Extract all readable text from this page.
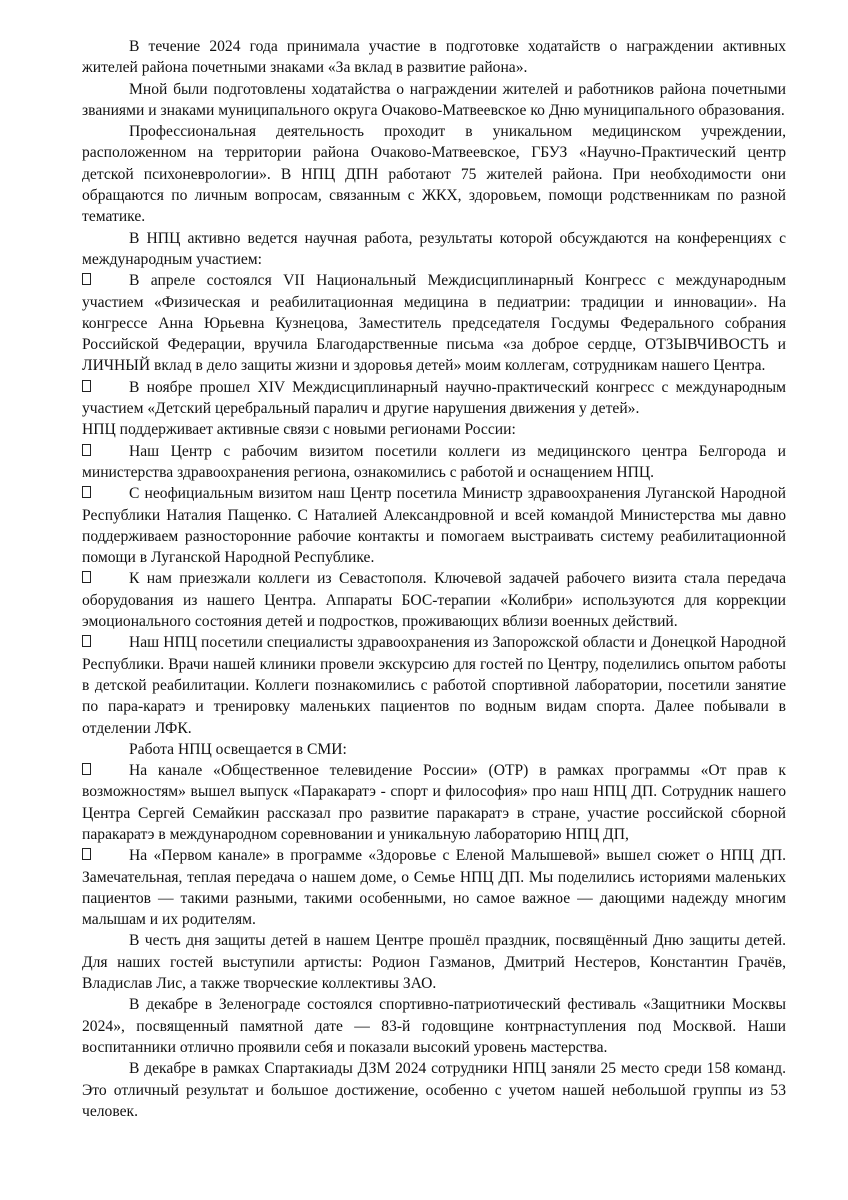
В течение 2024 года принимала участие в подготовке ходатайств о награждении активных жителей района почетными знаками «За вклад в развитие района».

Мной были подготовлены ходатайства о награждении жителей и работников района почетными званиями и знаками муниципального округа Очаково-Матвеевское ко Дню муниципального образования.

Профессиональная деятельность проходит в уникальном медицинском учреждении, расположенном на территории района Очаково-Матвеевское, ГБУЗ «Научно-Практический центр детской психоневрологии». В НПЦ ДПН работают 75 жителей района. При необходимости они обращаются по личным вопросам, связанным с ЖКХ, здоровьем, помощи родственникам по разной тематике.

В НПЦ активно ведется научная работа, результаты которой обсуждаются на конференциях с международным участием:

В апреле состоялся VII Национальный Междисциплинарный Конгресс с международным участием «Физическая и реабилитационная медицина в педиатрии: традиции и инновации». На конгрессе Анна Юрьевна Кузнецова, Заместитель председателя Госдумы Федерального собрания Российской Федерации, вручила Благодарственные письма «за доброе сердце, ОТЗЫВЧИВОСТЬ и ЛИЧНЫЙ вклад в дело защиты жизни и здоровья детей» моим коллегам, сотрудникам нашего Центра.
В ноябре прошел XIV Междисциплинарный научно-практический конгресс с международным участием «Детский церебральный паралич и другие нарушения движения у детей».

НПЦ поддерживает активные связи с новыми регионами России:

Наш Центр с рабочим визитом посетили коллеги из медицинского центра Белгорода и министерства здравоохранения региона, ознакомились с работой и оснащением НПЦ.
С неофициальным визитом наш Центр посетила Министр здравоохранения Луганской Народной Республики Наталия Пащенко. С Наталией Александровной и всей командой Министерства мы давно поддерживаем разносторонние рабочие контакты и помогаем выстраивать систему реабилитационной помощи в Луганской Народной Республике.
К нам приезжали коллеги из Севастополя. Ключевой задачей рабочего визита стала передача оборудования из нашего Центра. Аппараты БОС-терапии «Колибри» используются для коррекции эмоционального состояния детей и подростков, проживающих вблизи военных действий.
Наш НПЦ посетили специалисты здравоохранения из Запорожской области и Донецкой Народной Республики. Врачи нашей клиники провели экскурсию для гостей по Центру, поделились опытом работы в детской реабилитации. Коллеги познакомились с работой спортивной лаборатории, посетили занятие по пара-каратэ и тренировку маленьких пациентов по водным видам спорта. Далее побывали в отделении ЛФК.

Работа НПЦ освещается в СМИ:

На канале «Общественное телевидение России» (ОТР) в рамках программы «От прав к возможностям» вышел выпуск «Паракаратэ - спорт и философия» про наш НПЦ ДП. Сотрудник нашего Центра Сергей Семайкин рассказал про развитие паракаратэ в стране, участие российской сборной паракаратэ в международном соревновании и уникальную лабораторию НПЦ ДП,
На «Первом канале» в программе «Здоровье с Еленой Малышевой» вышел сюжет о НПЦ ДП. Замечательная, теплая передача о нашем доме, о Семье НПЦ ДП. Мы поделились историями маленьких пациентов — такими разными, такими особенными, но самое важное — дающими надежду многим малышам и их родителям.

В честь дня защиты детей в нашем Центре прошёл праздник, посвящённый Дню защиты детей. Для наших гостей выступили артисты: Родион Газманов, Дмитрий Нестеров, Константин Грачёв, Владислав Лис, а также творческие коллективы ЗАО.

В декабре в Зеленограде состоялся спортивно-патриотический фестиваль «Защитники Москвы 2024», посвященный памятной дате — 83-й годовщине контрнаступления под Москвой. Наши воспитанники отлично проявили себя и показали высокий уровень мастерства.

В декабре в рамках Спартакиады ДЗМ 2024 сотрудники НПЦ заняли 25 место среди 158 команд. Это отличный результат и большое достижение, особенно с учетом нашей небольшой группы из 53 человек.
